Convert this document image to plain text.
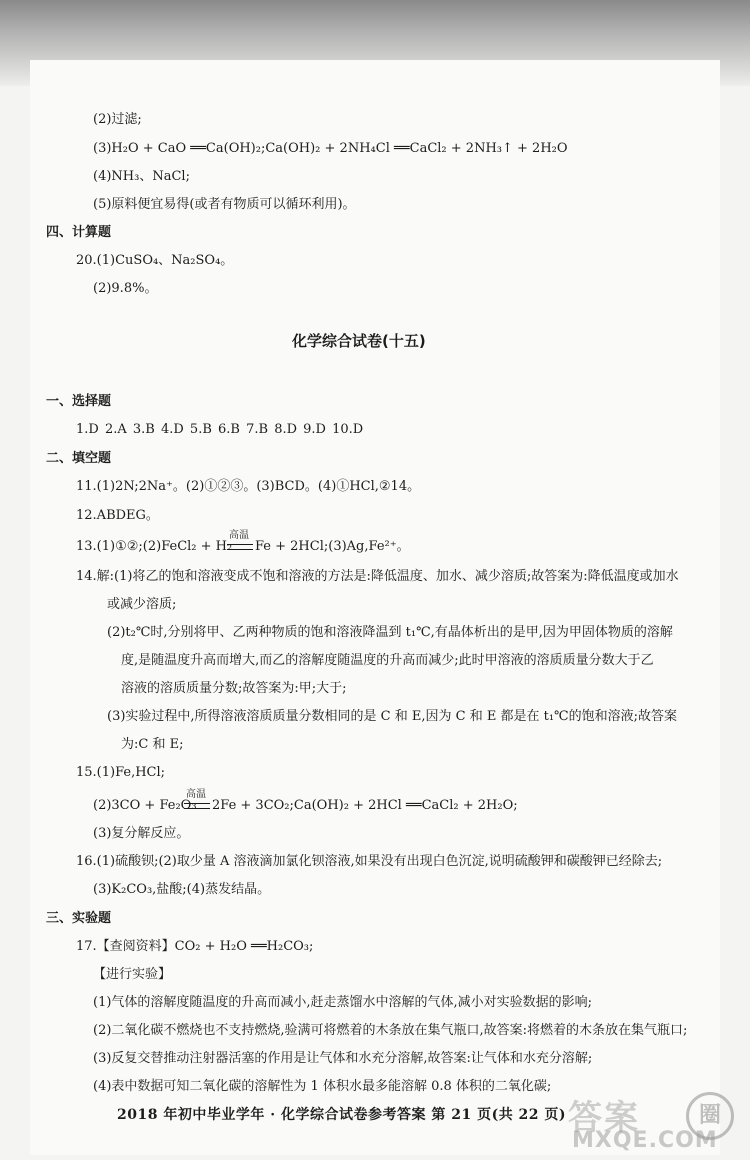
(2)过滤;
(3)H₂O + CaO ══Ca(OH)₂;Ca(OH)₂ + 2NH₄Cl ══CaCl₂ + 2NH₃↑ + 2H₂O
(4)NH₃、NaCl;
(5)原料便宜易得(或者有物质可以循环利用)。
四、计算题
20.(1)CuSO₄、Na₂SO₄。
(2)9.8%。
化学综合试卷(十五)
一、选择题
1.D 2.A 3.B 4.D 5.B 6.B 7.B 8.D 9.D 10.D
二、填空题
11.(1)2N;2Na⁺。(2)①②③。(3)BCD。(4)①HCl,②14。
12.ABDEG。
13.(1)①②;(2)FeCl₂ + H₂
高温
Fe + 2HCl;(3)Ag,Fe²⁺。
14.解:(1)将乙的饱和溶液变成不饱和溶液的方法是:降低温度、加水、减少溶质;故答案为:降低温度或加水
或减少溶质;
(2)t₂℃时,分别将甲、乙两种物质的饱和溶液降温到 t₁℃,有晶体析出的是甲,因为甲固体物质的溶解
度,是随温度升高而增大,而乙的溶解度随温度的升高而减少;此时甲溶液的溶质质量分数大于乙
溶液的溶质质量分数;故答案为:甲;大于;
(3)实验过程中,所得溶液溶质质量分数相同的是 C 和 E,因为 C 和 E 都是在 t₁℃的饱和溶液;故答案
为:C 和 E;
15.(1)Fe,HCl;
(2)3CO + Fe₂O₃
高温
2Fe + 3CO₂;Ca(OH)₂ + 2HCl ══CaCl₂ + 2H₂O;
(3)复分解反应。
16.(1)硫酸钡;(2)取少量 A 溶液滴加氯化钡溶液,如果没有出现白色沉淀,说明硫酸钾和碳酸钾已经除去;
(3)K₂CO₃,盐酸;(4)蒸发结晶。
三、实验题
17.【查阅资料】CO₂ + H₂O ══H₂CO₃;
【进行实验】
(1)气体的溶解度随温度的升高而减小,赶走蒸馏水中溶解的气体,减小对实验数据的影响;
(2)二氧化碳不燃烧也不支持燃烧,验满可将燃着的木条放在集气瓶口,故答案:将燃着的木条放在集气瓶口;
(3)反复交替推动注射器活塞的作用是让气体和水充分溶解,故答案:让气体和水充分溶解;
(4)表中数据可知二氧化碳的溶解性为 1 体积水最多能溶解 0.8 体积的二氧化碳;
2018 年初中毕业学年 · 化学综合试卷参考答案 第 21 页(共 22 页) 答案	圈
MXQE.COM
